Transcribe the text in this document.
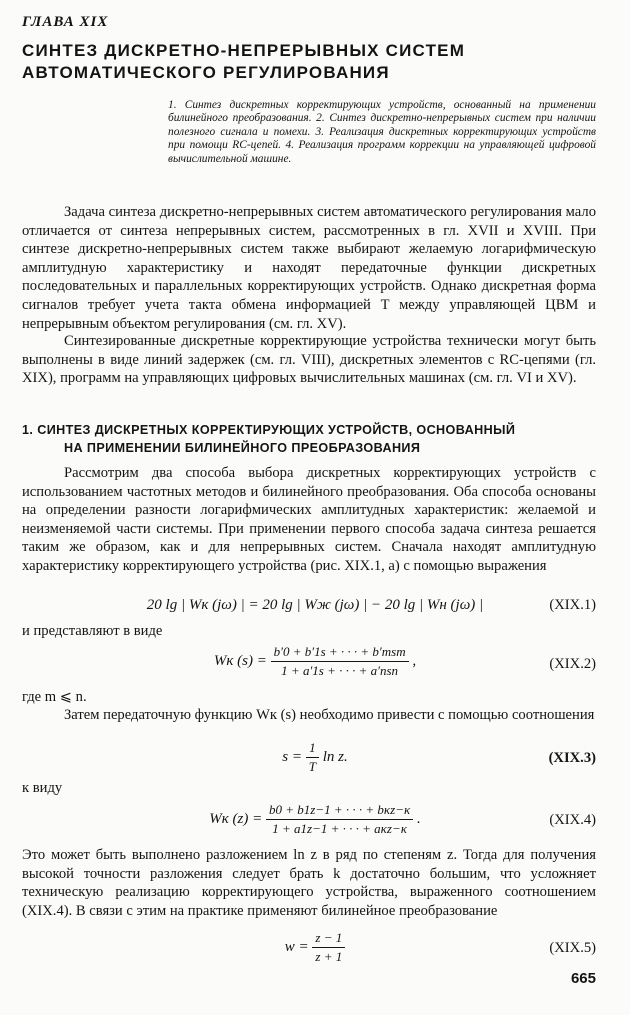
ГЛАВА XIX
СИНТЕЗ ДИСКРЕТНО-НЕПРЕРЫВНЫХ СИСТЕМ
АВТОМАТИЧЕСКОГО РЕГУЛИРОВАНИЯ
1. Синтез дискретных корректирующих устройств, основанный на применении билинейного преобразования. 2. Синтез дискретно-непрерывных систем при наличии полезного сигнала и помехи. 3. Реализация дискретных корректирующих устройств при помощи RC-цепей. 4. Реализация программ коррекции на управляющей цифровой вычислительной машине.
Задача синтеза дискретно-непрерывных систем автоматического регулирования мало отличается от синтеза непрерывных систем, рассмотренных в гл. XVII и XVIII. При синтезе дискретно-непрерывных систем также выбирают желаемую логарифмическую амплитудную характеристику и находят передаточные функции дискретных последовательных и параллельных корректирующих устройств. Однако дискретная форма сигналов требует учета такта обмена информацией T между управляющей ЦВМ и непрерывным объектом регулирования (см. гл. XV).
Синтезированные дискретные корректирующие устройства технически могут быть выполнены в виде линий задержек (см. гл. VIII), дискретных элементов с RC-цепями (гл. XIX), программ на управляющих цифровых вычислительных машинах (см. гл. VI и XV).
1. СИНТЕЗ ДИСКРЕТНЫХ КОРРЕКТИРУЮЩИХ УСТРОЙСТВ, ОСНОВАННЫЙ
НА ПРИМЕНЕНИИ БИЛИНЕЙНОГО ПРЕОБРАЗОВАНИЯ
Рассмотрим два способа выбора дискретных корректирующих устройств с использованием частотных методов и билинейного преобразования. Оба способа основаны на определении разности логарифмических амплитудных характеристик: желаемой и неизменяемой части системы. При применении первого способа задача синтеза решается таким же образом, как и для непрерывных систем. Сначала находят амплитудную характеристику корректирующего устройства (рис. XIX.1, а) с помощью выражения
20 lg | Wк (jω) | = 20 lg | Wж (jω) | − 20 lg | Wн (jω) |	(XIX.1)
и представляют в виде
Wк $(s) = \frac{\text{b′0 + b′1s + · · · + b′msm}}{\text{1 + a′1s + · · · + a′nsn}}$ ,	(XIX.2)
где m ⩽ n.
Затем передаточную функцию Wк (s) необходимо привести с помощью соотношения
$s = \frac{1}{T}$ ln z.	(XIX.3)
к виду
Wк $(z) = \frac{\text{b0 + b1z−1 + · · · + bκz−κ}}{\text{1 + a1z−1 + · · · + aκz−κ}}$ .	(XIX.4)
Это может быть выполнено разложением ln z в ряд по степеням z. Тогда для получения высокой точности разложения следует брать k достаточно большим, что усложняет техническую реализацию корректирующего устройства, выраженного соотношением (XIX.4). В связи с этим на практике применяют билинейное преобразование
$w = \frac{z - 1}{z + 1}$	(XIX.5)
665
